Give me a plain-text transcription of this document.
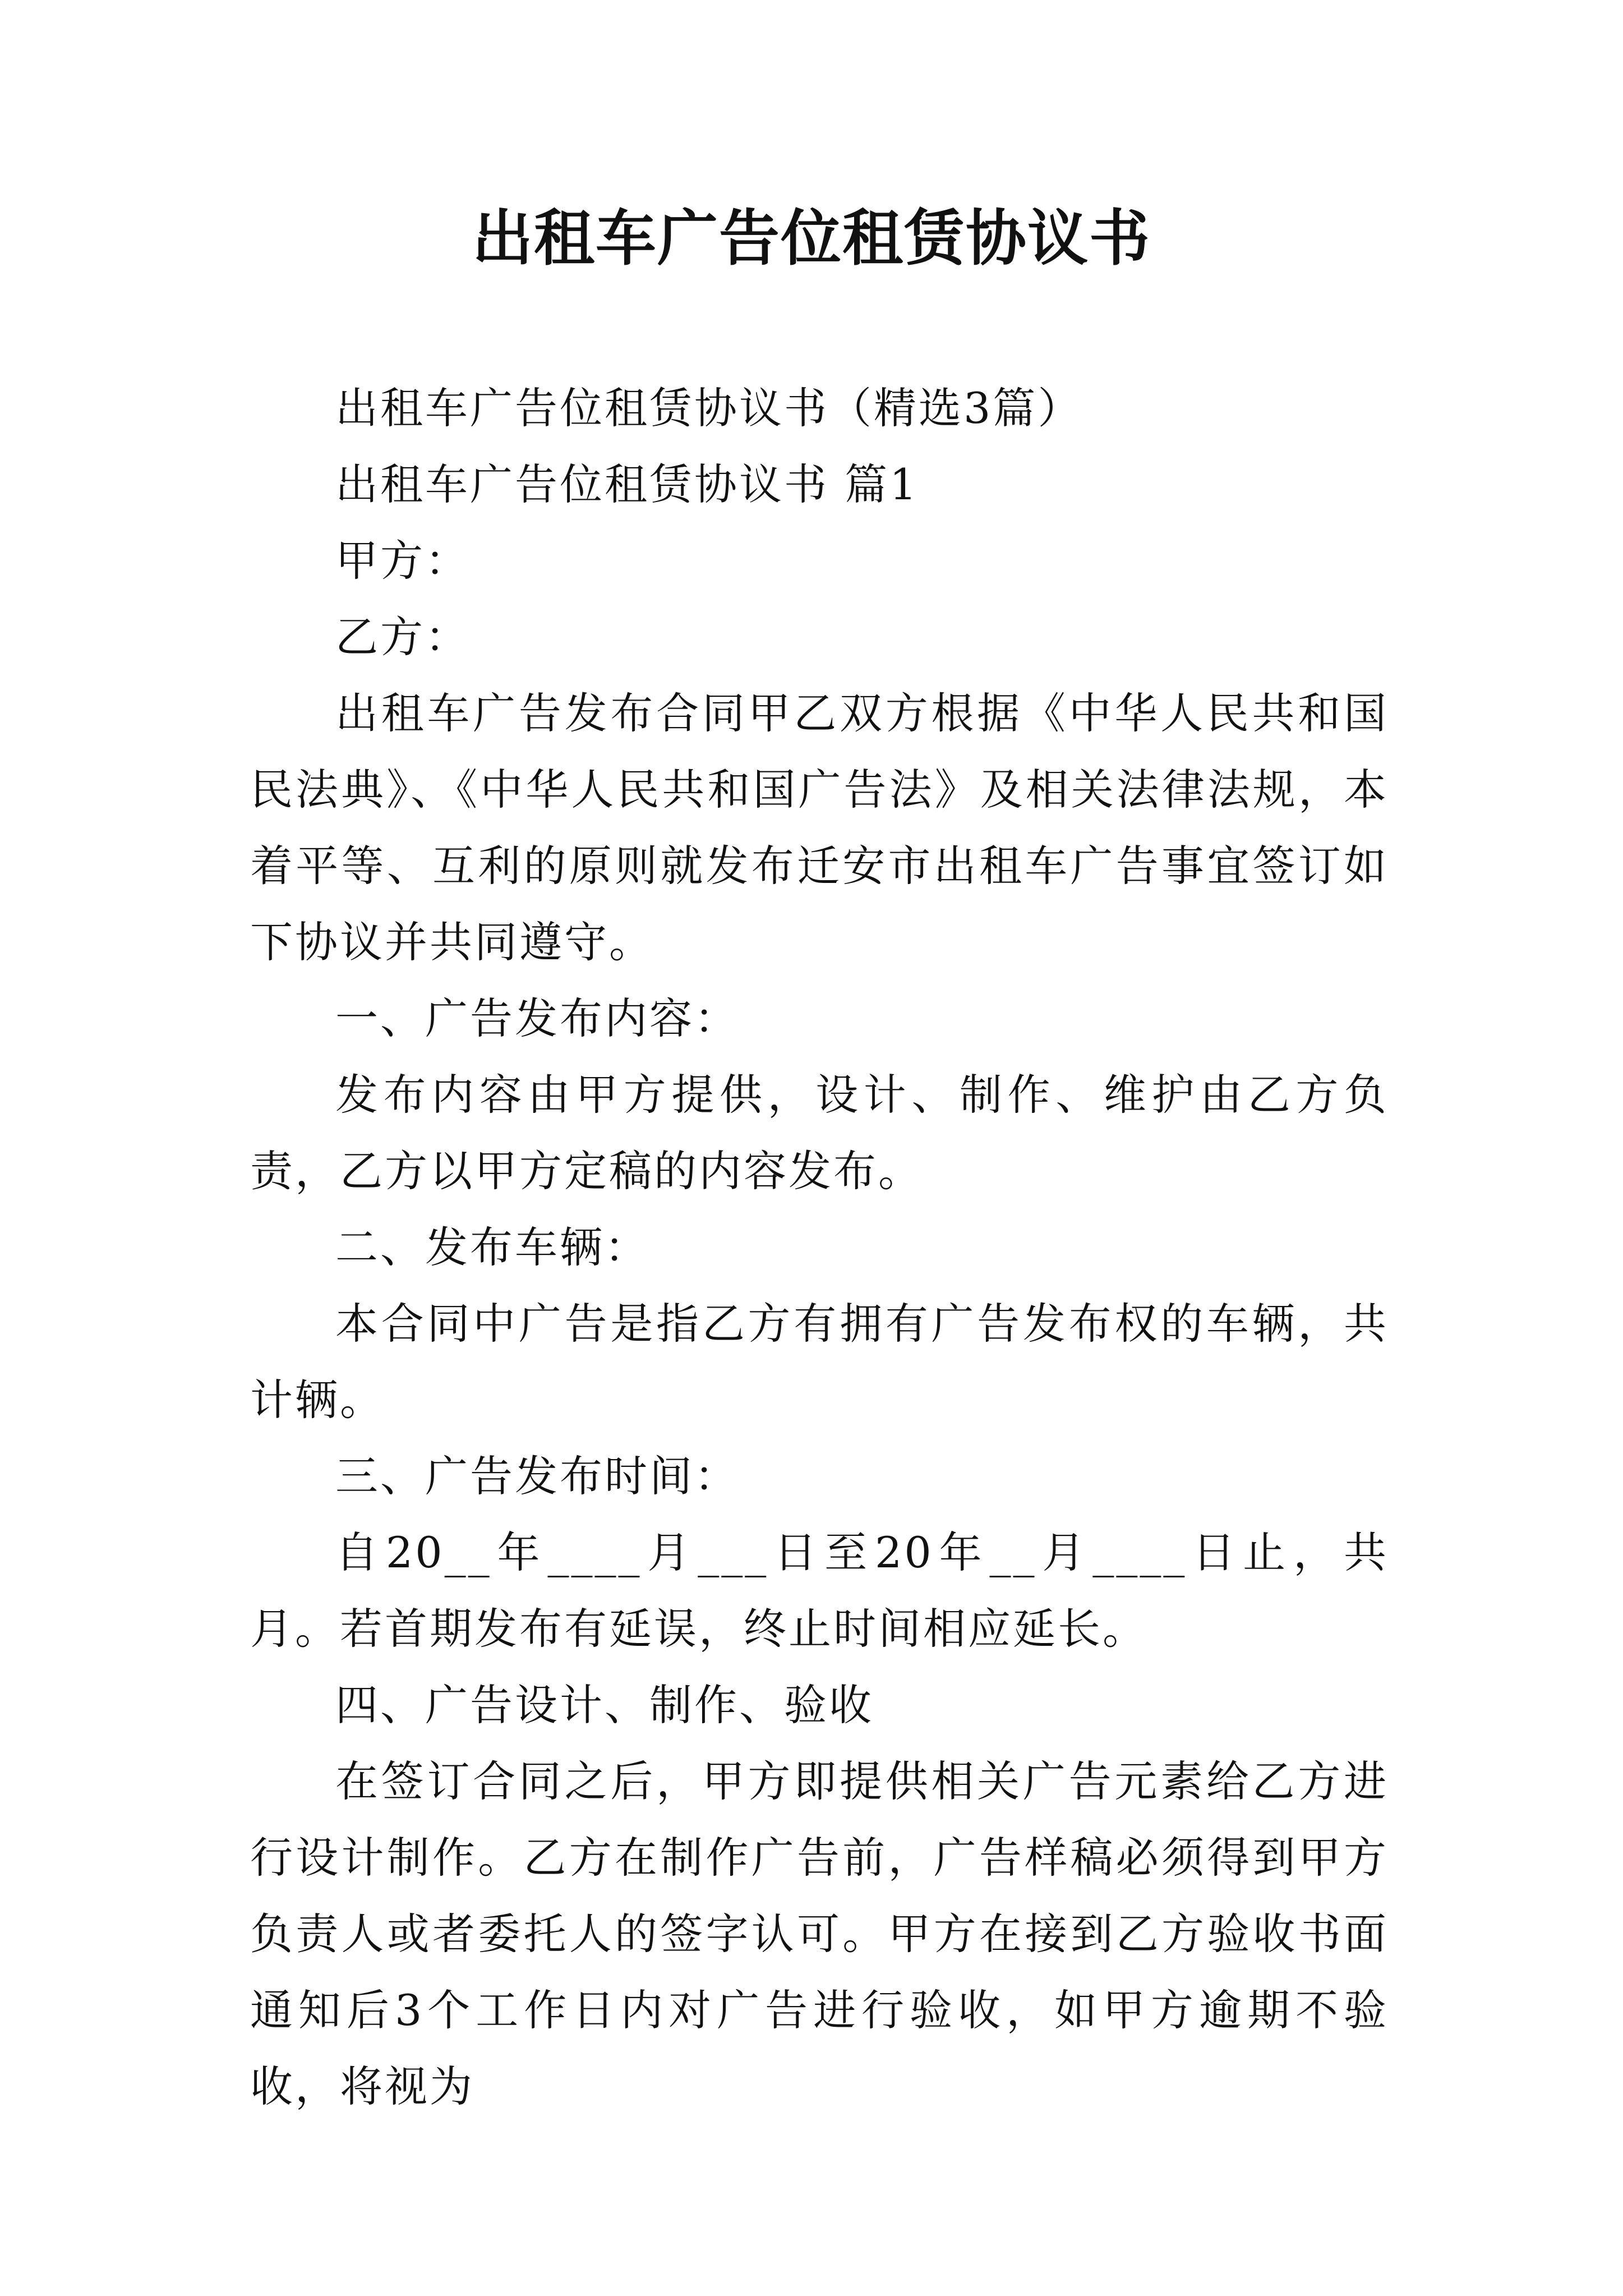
出租车广告位租赁协议书

出租车广告位租赁协议书（精选3篇）

出租车广告位租赁协议书 篇1

甲方：

乙方：

出租车广告发布合同甲乙双方根据《中华人民共和国民法典》、《中华人民共和国广告法》及相关法律法规，本着平等、互利的原则就发布迁安市出租车广告事宜签订如下协议并共同遵守。

一、广告发布内容：

发布内容由甲方提供，设计、制作、维护由乙方负责，乙方以甲方定稿的内容发布。

二、发布车辆：

本合同中广告是指乙方有拥有广告发布权的车辆，共计辆。

三、广告发布时间：

自20__年____月___日至20年__月____日止，共月。若首期发布有延误，终止时间相应延长。

四、广告设计、制作、验收

在签订合同之后，甲方即提供相关广告元素给乙方进行设计制作。乙方在制作广告前，广告样稿必须得到甲方负责人或者委托人的签字认可。甲方在接到乙方验收书面通知后3个工作日内对广告进行验收，如甲方逾期不验收，将视为
